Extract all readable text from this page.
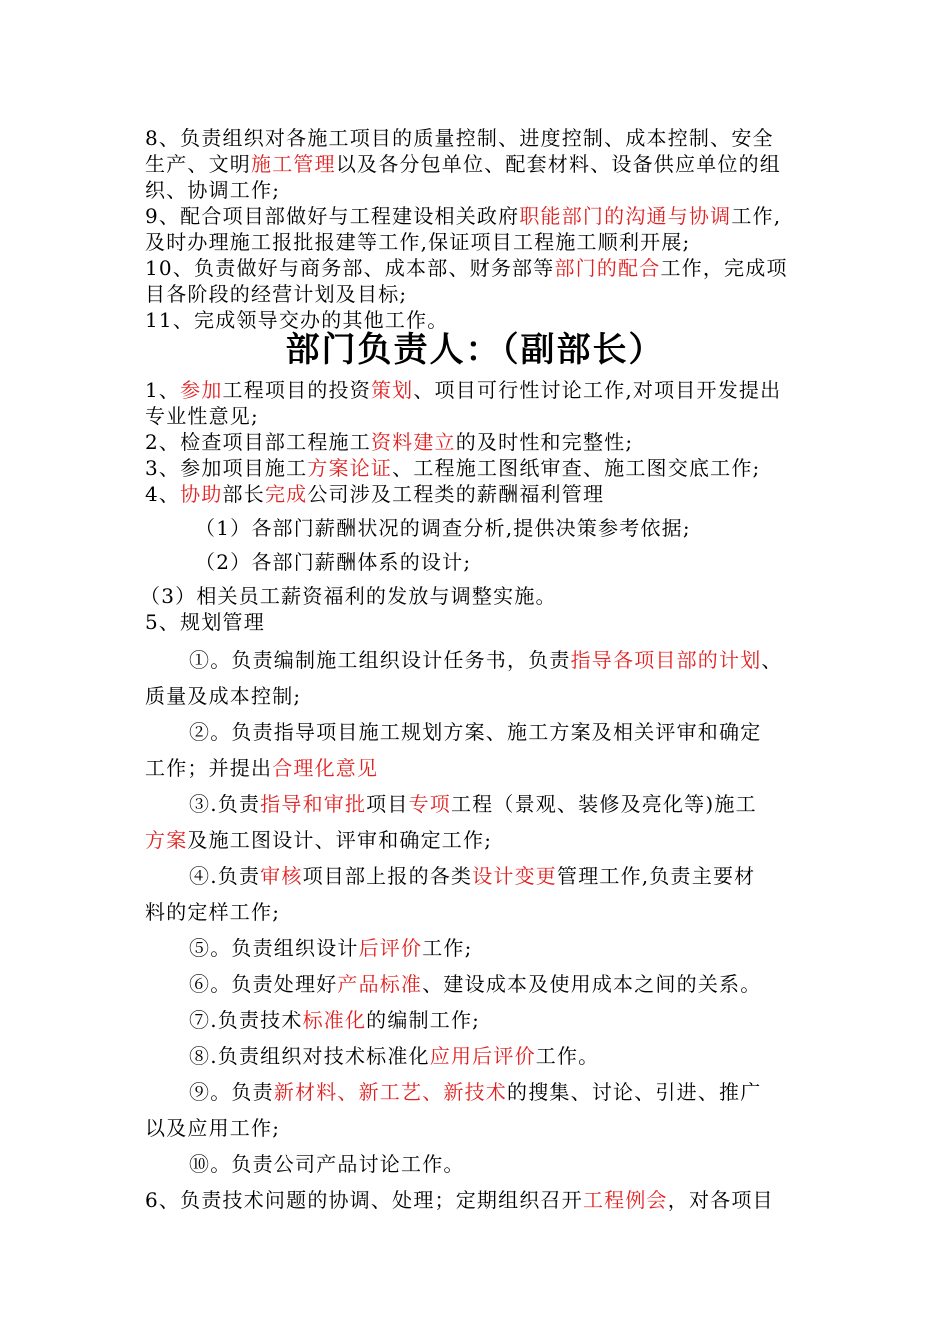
部门负责人：（副部长）
8、负责组织对各施工项目的质量控制、进度控制、成本控制、安全
生产、文明施工管理以及各分包单位、配套材料、设备供应单位的组
织、协调工作;
9、配合项目部做好与工程建设相关政府职能部门的沟通与协调工作,
及时办理施工报批报建等工作,保证项目工程施工顺利开展;
10、负责做好与商务部、成本部、财务部等部门的配合工作，完成项
目各阶段的经营计划及目标;
11、完成领导交办的其他工作。
1、参加工程项目的投资策划、项目可行性讨论工作,对项目开发提出
专业性意见;
2、检查项目部工程施工资料建立的及时性和完整性;
3、参加项目施工方案论证、工程施工图纸审查、施工图交底工作;
4、协助部长完成公司涉及工程类的薪酬福利管理
（1）各部门薪酬状况的调查分析,提供决策参考依据;
（2）各部门薪酬体系的设计;
（3）相关员工薪资福利的发放与调整实施。
5、规划管理
①。负责编制施工组织设计任务书，负责指导各项目部的计划、
质量及成本控制;
②。负责指导项目施工规划方案、施工方案及相关评审和确定
工作；并提出合理化意见
③.负责指导和审批项目专项工程（景观、装修及亮化等)施工
方案及施工图设计、评审和确定工作;
④.负责审核项目部上报的各类设计变更管理工作,负责主要材
料的定样工作;
⑤。负责组织设计后评价工作;
⑥。负责处理好产品标准、建设成本及使用成本之间的关系。
⑦.负责技术标准化的编制工作;
⑧.负责组织对技术标准化应用后评价工作。
⑨。负责新材料、新工艺、新技术的搜集、讨论、引进、推广
以及应用工作;
⑩。负责公司产品讨论工作。
6、负责技术问题的协调、处理；定期组织召开工程例会，对各项目
